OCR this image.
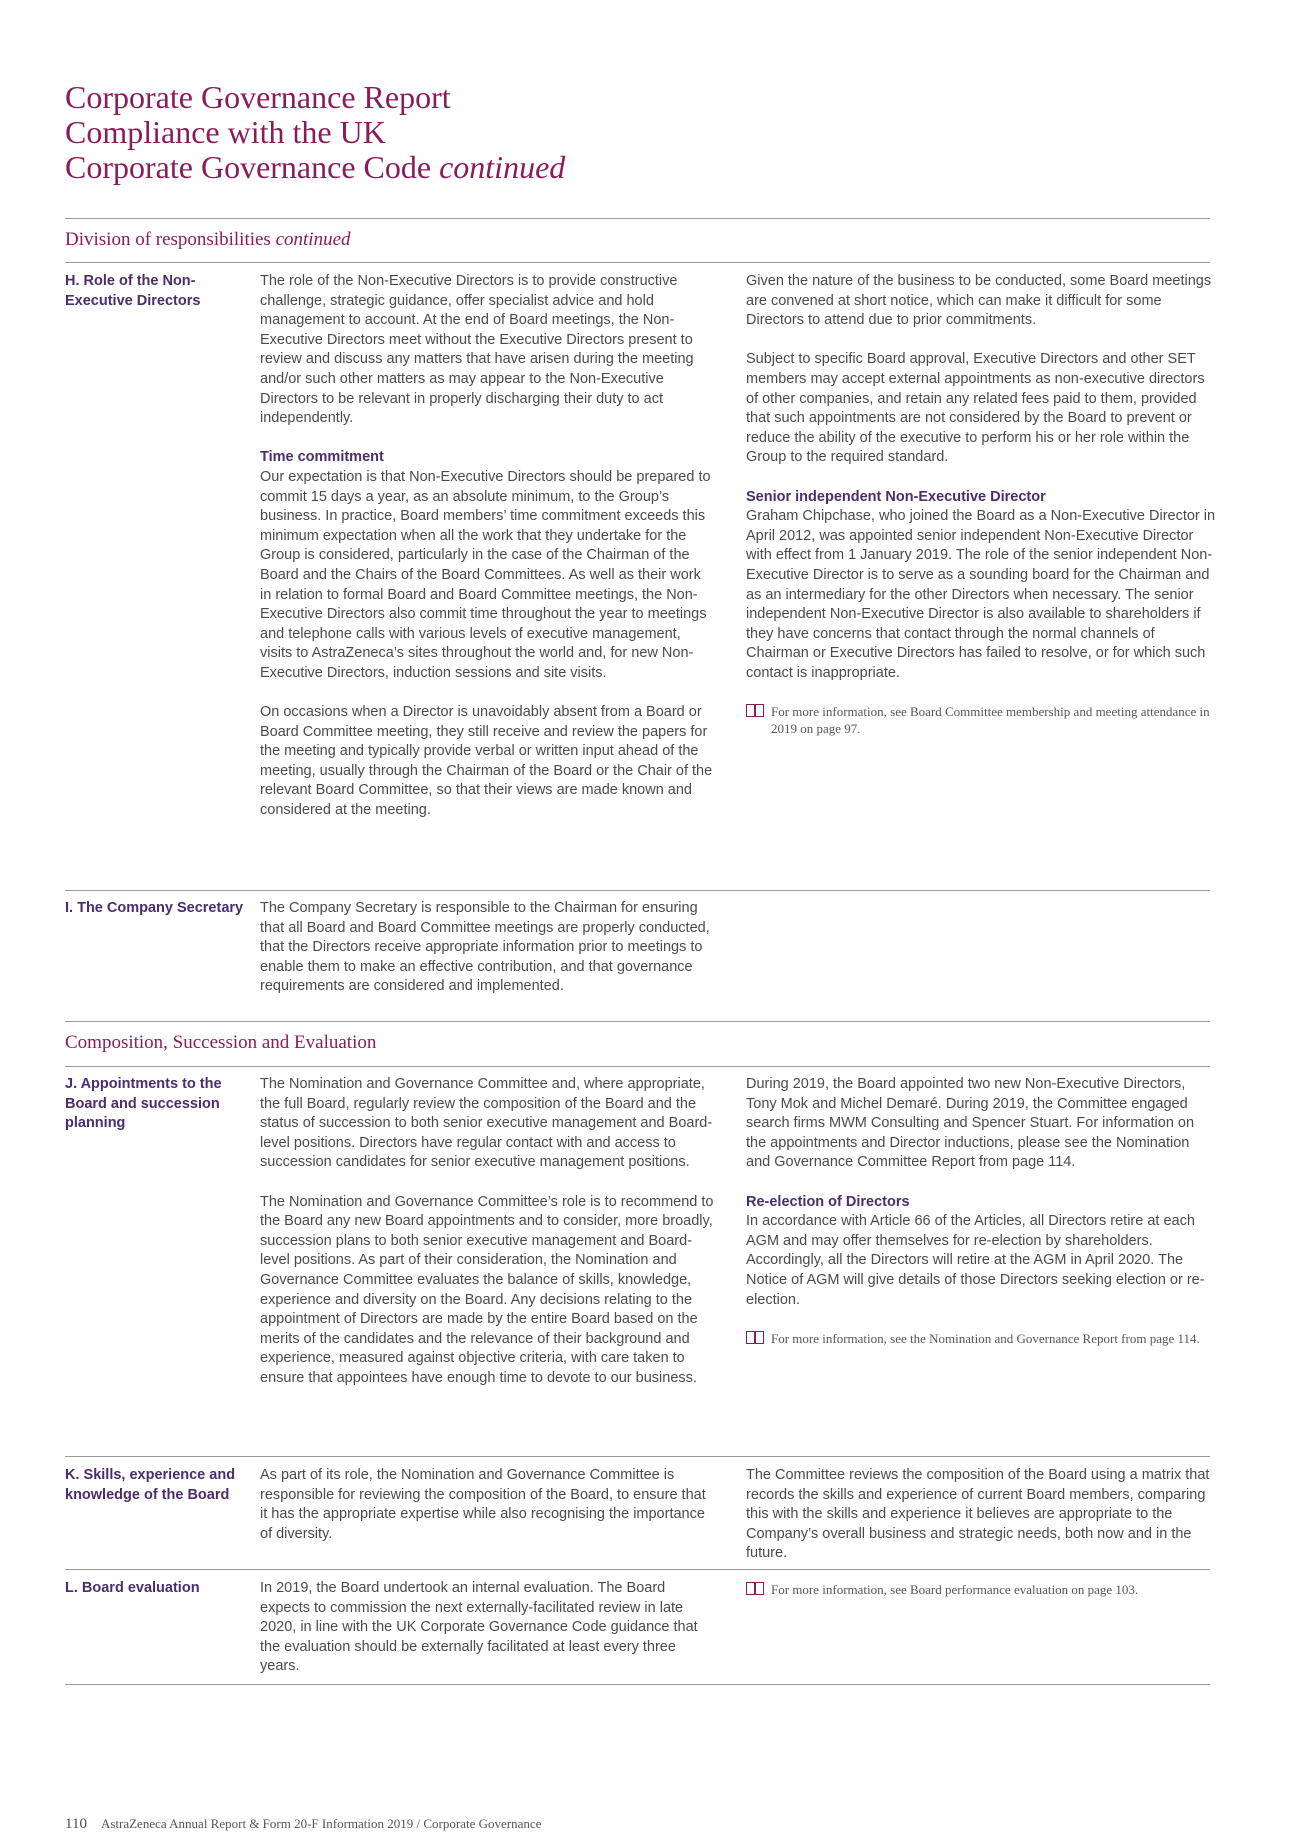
Corporate Governance Report
Compliance with the UK
Corporate Governance Code continued
Division of responsibilities continued
H. Role of the Non-Executive Directors

The role of the Non-Executive Directors is to provide constructive challenge, strategic guidance, offer specialist advice and hold management to account. At the end of Board meetings, the Non-Executive Directors meet without the Executive Directors present to review and discuss any matters that have arisen during the meeting and/or such other matters as may appear to the Non-Executive Directors to be relevant in properly discharging their duty to act independently.

Time commitment
Our expectation is that Non-Executive Directors should be prepared to commit 15 days a year, as an absolute minimum, to the Group’s business. In practice, Board members’ time commitment exceeds this minimum expectation when all the work that they undertake for the Group is considered, particularly in the case of the Chairman of the Board and the Chairs of the Board Committees. As well as their work in relation to formal Board and Board Committee meetings, the Non-Executive Directors also commit time throughout the year to meetings and telephone calls with various levels of executive management, visits to AstraZeneca’s sites throughout the world and, for new Non-Executive Directors, induction sessions and site visits.

On occasions when a Director is unavoidably absent from a Board or Board Committee meeting, they still receive and review the papers for the meeting and typically provide verbal or written input ahead of the meeting, usually through the Chairman of the Board or the Chair of the relevant Board Committee, so that their views are made known and considered at the meeting.

Given the nature of the business to be conducted, some Board meetings are convened at short notice, which can make it difficult for some Directors to attend due to prior commitments.

Subject to specific Board approval, Executive Directors and other SET members may accept external appointments as non-executive directors of other companies, and retain any related fees paid to them, provided that such appointments are not considered by the Board to prevent or reduce the ability of the executive to perform his or her role within the Group to the required standard.

Senior independent Non-Executive Director
Graham Chipchase, who joined the Board as a Non-Executive Director in April 2012, was appointed senior independent Non-Executive Director with effect from 1 January 2019. The role of the senior independent Non-Executive Director is to serve as a sounding board for the Chairman and as an intermediary for the other Directors when necessary. The senior independent Non-Executive Director is also available to shareholders if they have concerns that contact through the normal channels of Chairman or Executive Directors has failed to resolve, or for which such contact is inappropriate.

For more information, see Board Committee membership and meeting attendance in 2019 on page 97.

I. The Company Secretary	The Company Secretary is responsible to the Chairman for ensuring that all Board and Board Committee meetings are properly conducted, that the Directors receive appropriate information prior to meetings to enable them to make an effective contribution, and that governance requirements are considered and implemented.

Composition, Succession and Evaluation
J. Appointments to the Board and succession planning

The Nomination and Governance Committee and, where appropriate, the full Board, regularly review the composition of the Board and the status of succession to both senior executive management and Board-level positions. Directors have regular contact with and access to succession candidates for senior executive management positions.

The Nomination and Governance Committee’s role is to recommend to the Board any new Board appointments and to consider, more broadly, succession plans to both senior executive management and Board-level positions. As part of their consideration, the Nomination and Governance Committee evaluates the balance of skills, knowledge, experience and diversity on the Board. Any decisions relating to the appointment of Directors are made by the entire Board based on the merits of the candidates and the relevance of their background and experience, measured against objective criteria, with care taken to ensure that appointees have enough time to devote to our business.

During 2019, the Board appointed two new Non-Executive Directors, Tony Mok and Michel Demaré. During 2019, the Committee engaged search firms MWM Consulting and Spencer Stuart. For information on the appointments and Director inductions, please see the Nomination and Governance Committee Report from page 114.

Re-election of Directors
In accordance with Article 66 of the Articles, all Directors retire at each AGM and may offer themselves for re-election by shareholders. Accordingly, all the Directors will retire at the AGM in April 2020. The Notice of AGM will give details of those Directors seeking election or re-election.

For more information, see the Nomination and Governance Report from page 114.

K. Skills, experience and knowledge of the Board

As part of its role, the Nomination and Governance Committee is responsible for reviewing the composition of the Board, to ensure that it has the appropriate expertise while also recognising the importance of diversity.

The Committee reviews the composition of the Board using a matrix that records the skills and experience of current Board members, comparing this with the skills and experience it believes are appropriate to the Company’s overall business and strategic needs, both now and in the future.

L. Board evaluation	In 2019, the Board undertook an internal evaluation. The Board expects to commission the next externally-facilitated review in late 2020, in line with the UK Corporate Governance Code guidance that the evaluation should be externally facilitated at least every three years.

For more information, see Board performance evaluation on page 103.

110 AstraZeneca Annual Report & Form 20-F Information 2019 / Corporate Governance
